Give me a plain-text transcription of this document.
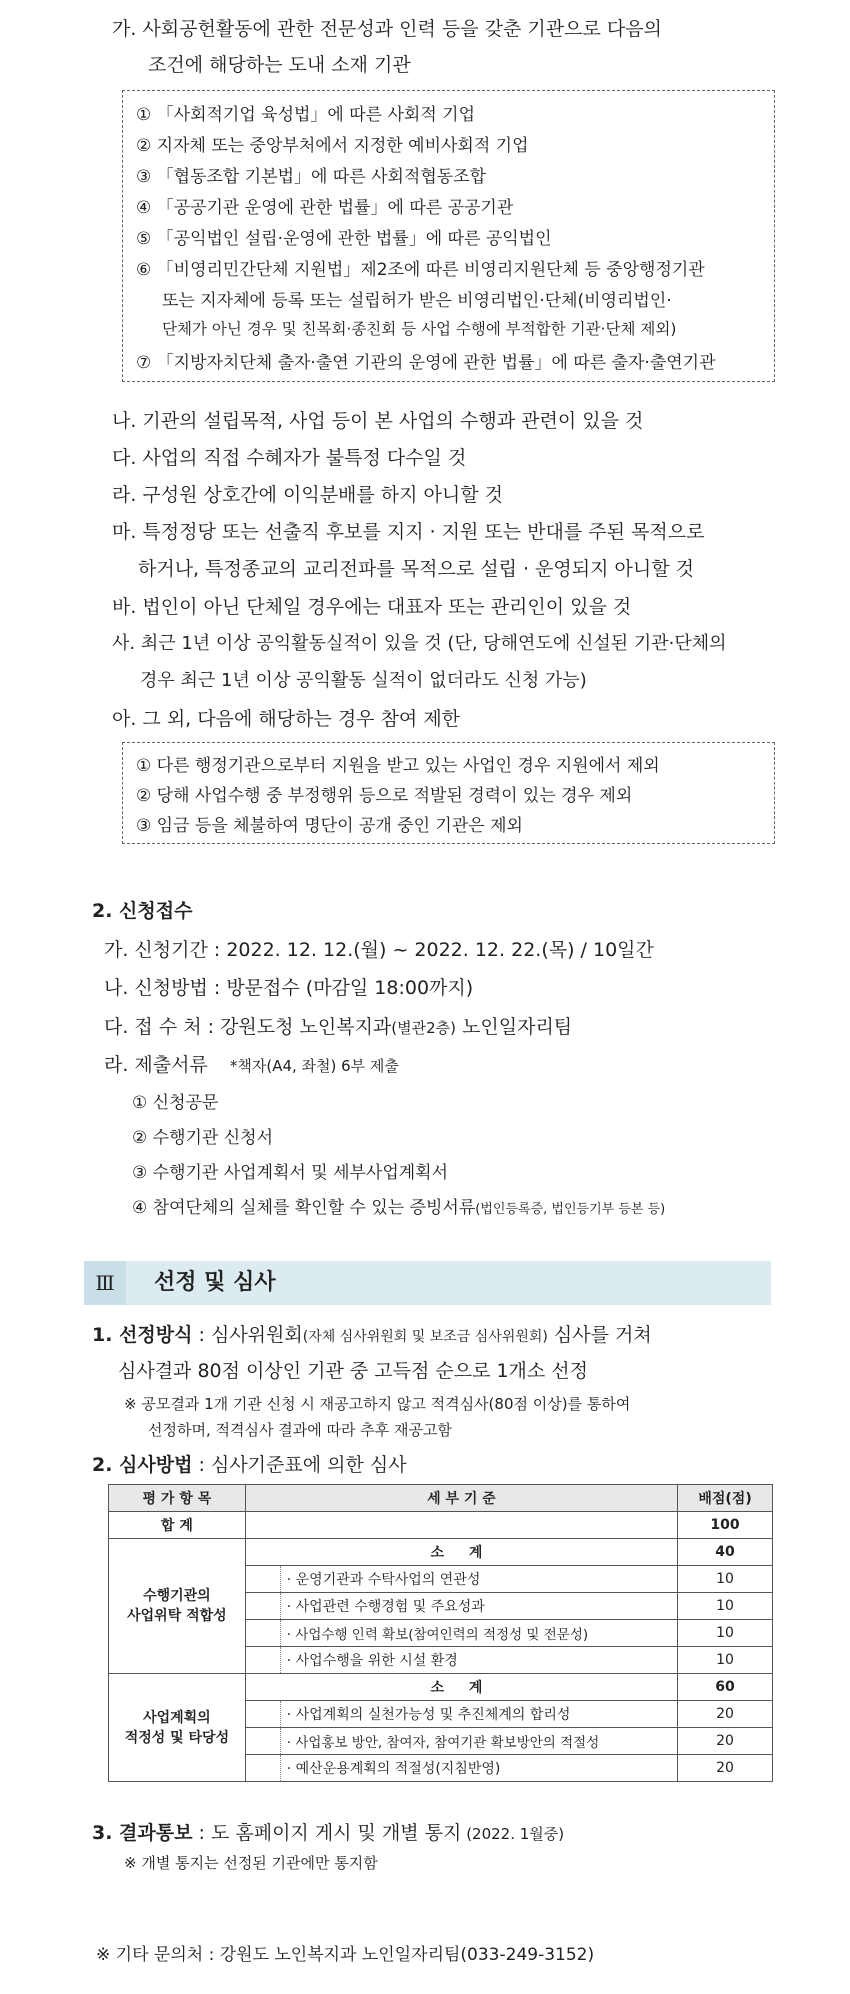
가. 사회공헌활동에 관한 전문성과 인력 등을 갖춘 기관으로 다음의
조건에 해당하는 도내 소재 기관
① 「사회적기업 육성법」에 따른 사회적 기업
② 지자체 또는 중앙부처에서 지정한 예비사회적 기업
③ 「협동조합 기본법」에 따른 사회적협동조합
④ 「공공기관 운영에 관한 법률」에 따른 공공기관
⑤ 「공익법인 설립·운영에 관한 법률」에 따른 공익법인
⑥ 「비영리민간단체 지원법」제2조에 따른 비영리지원단체 등 중앙행정기관
또는 지자체에 등록 또는 설립허가 받은 비영리법인·단체(비영리법인·
단체가 아닌 경우 및 친목회·종친회 등 사업 수행에 부적합한 기관·단체 제외)
⑦ 「지방자치단체 출자·출연 기관의 운영에 관한 법률」에 따른 출자·출연기관
나. 기관의 설립목적, 사업 등이 본 사업의 수행과 관련이 있을 것
다. 사업의 직접 수혜자가 불특정 다수일 것
라. 구성원 상호간에 이익분배를 하지 아니할 것
마. 특정정당 또는 선출직 후보를 지지 · 지원 또는 반대를 주된 목적으로
하거나, 특정종교의 교리전파를 목적으로 설립 · 운영되지 아니할 것
바. 법인이 아닌 단체일 경우에는 대표자 또는 관리인이 있을 것
사. 최근 1년 이상 공익활동실적이 있을 것 (단, 당해연도에 신설된 기관·단체의
경우 최근 1년 이상 공익활동 실적이 없더라도 신청 가능)
아. 그 외, 다음에 해당하는 경우 참여 제한
① 다른 행정기관으로부터 지원을 받고 있는 사업인 경우 지원에서 제외
② 당해 사업수행 중 부정행위 등으로 적발된 경력이 있는 경우 제외
③ 임금 등을 체불하여 명단이 공개 중인 기관은 제외
2. 신청접수
가. 신청기간 : 2022. 12. 12.(월) ~ 2022. 12. 22.(목) / 10일간
나. 신청방법 : 방문접수 (마감일 18:00까지)
다. 접 수 처 : 강원도청 노인복지과(별관2층) 노인일자리팀
라. 제출서류 *책자(A4, 좌철) 6부 제출
① 신청공문
② 수행기관 신청서
③ 수행기관 사업계획서 및 세부사업계획서
④ 참여단체의 실체를 확인할 수 있는 증빙서류(법인등록증, 법인등기부 등본 등)
Ⅲ	선정 및 심사
1. 선정방식 : 심사위원회(자체 심사위원회 및 보조금 심사위원회) 심사를 거쳐
심사결과 80점 이상인 기관 중 고득점 순으로 1개소 선정
※ 공모결과 1개 기관 신청 시 재공고하지 않고 적격심사(80점 이상)를 통하여
선정하며, 적격심사 결과에 따라 추후 재공고함
2. 심사방법 : 심사기준표에 의한 심사
평 가 항 목	세 부 기 준		배점(점)
합 계			100
수행기관의
사업위탁 적합성	소 계		40
		· 운영기관과 수탁사업의 연관성	10
		· 사업관련 수행경험 및 주요성과	10
		· 사업수행 인력 확보(참여인력의 적정성 및 전문성)	10
		· 사업수행을 위한 시설 환경	10
사업계획의
적정성 및 타당성	소 계		60
		· 사업계획의 실천가능성 및 추진체계의 합리성	20
		· 사업홍보 방안, 참여자, 참여기관 확보방안의 적절성	20
		· 예산운용계획의 적절성(지침반영)	20
3. 결과통보 : 도 홈페이지 게시 및 개별 통지 (2022. 1월중)
※ 개별 통지는 선정된 기관에만 통지함
※ 기타 문의처 : 강원도 노인복지과 노인일자리팀(033-249-3152)
